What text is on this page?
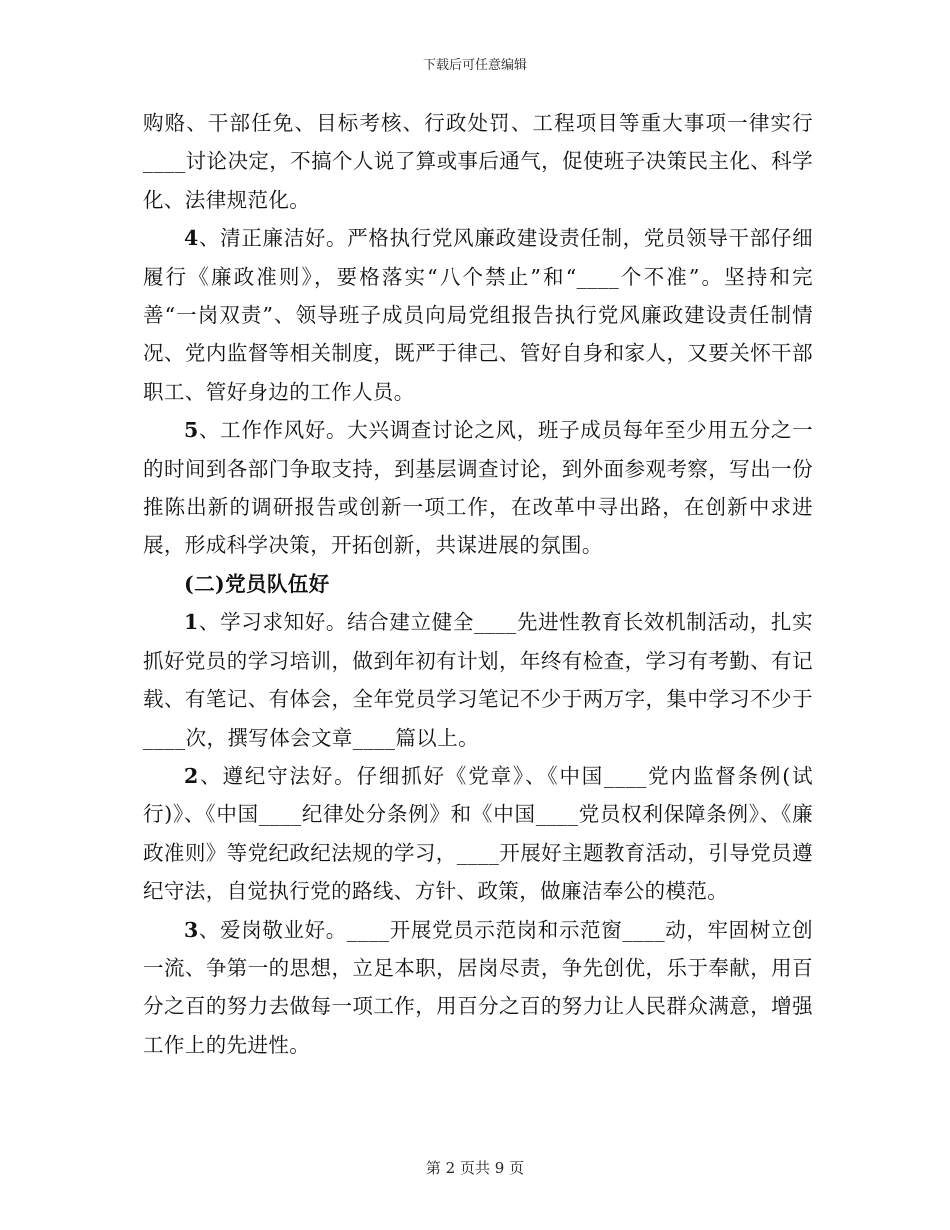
下载后可任意编辑

购赂、干部任免、目标考核、行政处罚、工程项目等重大事项一律实行____讨论决定，不搞个人说了算或事后通气，促使班子决策民主化、科学化、法律规范化。

4、清正廉洁好。严格执行党风廉政建设责任制，党员领导干部仔细履行《廉政准则》，要格落实“八个禁止”和“____个不准”。坚持和完善“一岗双责”、领导班子成员向局党组报告执行党风廉政建设责任制情况、党内监督等相关制度，既严于律己、管好自身和家人，又要关怀干部职工、管好身边的工作人员。

5、工作作风好。大兴调查讨论之风，班子成员每年至少用五分之一的时间到各部门争取支持，到基层调查讨论，到外面参观考察，写出一份推陈出新的调研报告或创新一项工作，在改革中寻出路，在创新中求进展，形成科学决策，开拓创新，共谋进展的氛围。

(二)党员队伍好

1、学习求知好。结合建立健全____先进性教育长效机制活动，扎实抓好党员的学习培训，做到年初有计划，年终有检查，学习有考勤、有记载、有笔记、有体会，全年党员学习笔记不少于两万字，集中学习不少于____次，撰写体会文章____篇以上。

2、遵纪守法好。仔细抓好《党章》、《中国____党内监督条例(试行)》、《中国____纪律处分条例》和《中国____党员权利保障条例》、《廉政准则》等党纪政纪法规的学习，____开展好主题教育活动，引导党员遵纪守法，自觉执行党的路线、方针、政策，做廉洁奉公的模范。

3、爱岗敬业好。____开展党员示范岗和示范窗____动，牢固树立创一流、争第一的思想，立足本职，居岗尽责，争先创优，乐于奉献，用百分之百的努力去做每一项工作，用百分之百的努力让人民群众满意，增强工作上的先进性。

第 2 页共 9 页
